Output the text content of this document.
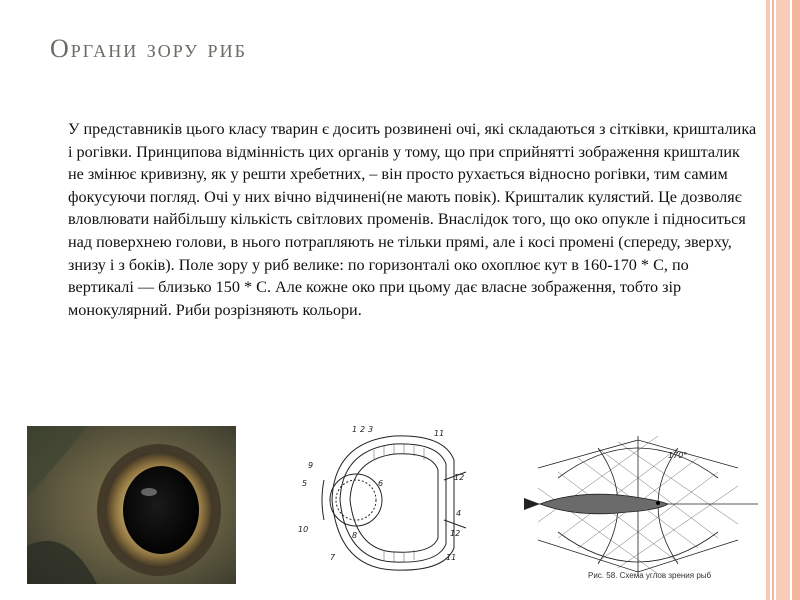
Органи зору риб

У представників цього класу тварин є досить розвинені очі, які складаються з сітківки, кришталика і рогівки. Принципова відмінність цих органів у тому, що при сприйнятті зображення кришталик не змінює кривизну, як у решти хребетних, – він просто рухається відносно рогівки, тим самим фокусуючи погляд. Очі у них вічно відчинені(не мають повік). Кришталик кулястий. Це дозволяє вловлювати найбільшу кількість світлових променів. Внаслідок того, що око опукле і підноситься над поверхнею голови, в нього потрапляють не тільки прямі, але і косі промені (спереду, зверху, знизу і з боків). Поле зору у риб велике: по горизонталі око охоплює кут в 160-170 * С, по вертикалі — близько 150 * С. Але кожне око при цьому дає власне зображення, тобто зір монокулярний. Риби розрізняють кольори.

1 2 3	11
9
5
12
4
10
8	12
7	11
6
170°
Рис. 58. Схема углов зрения рыб
